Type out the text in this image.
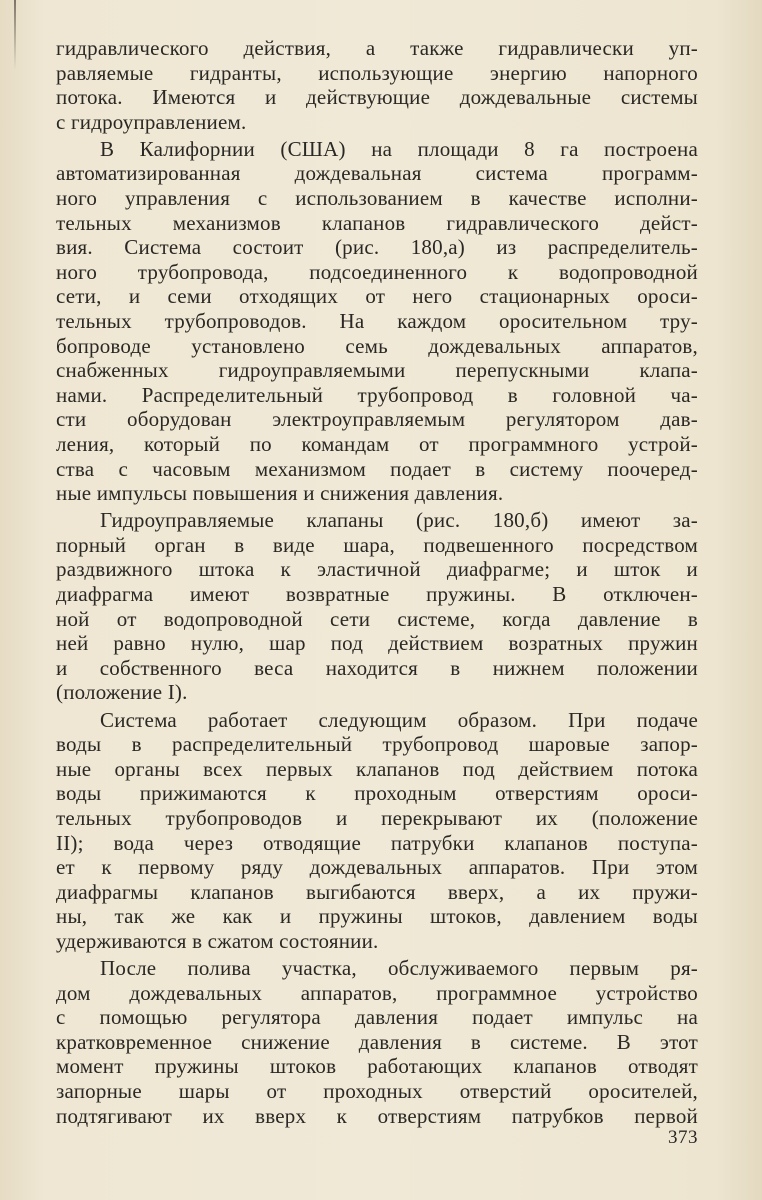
гидравлического действия, а также гидравлически уп-
равляемые гидранты, использующие энергию напорного
потока. Имеются и действующие дождевальные системы
с гидроуправлением.
В Калифорнии (США) на площади 8 га построена
автоматизированная дождевальная система программ-
ного управления с использованием в качестве исполни-
тельных механизмов клапанов гидравлического дейст-
вия. Система состоит (рис. 180,а) из распределитель-
ного трубопровода, подсоединенного к водопроводной
сети, и семи отходящих от него стационарных ороси-
тельных трубопроводов. На каждом оросительном тру-
бопроводе установлено семь дождевальных аппаратов,
снабженных гидроуправляемыми перепускными клапа-
нами. Распределительный трубопровод в головной ча-
сти оборудован электроуправляемым регулятором дав-
ления, который по командам от программного устрой-
ства с часовым механизмом подает в систему поочеред-
ные импульсы повышения и снижения давления.
Гидроуправляемые клапаны (рис. 180,б) имеют за-
порный орган в виде шара, подвешенного посредством
раздвижного штока к эластичной диафрагме; и шток и
диафрагма имеют возвратные пружины. В отключен-
ной от водопроводной сети системе, когда давление в
ней равно нулю, шар под действием возратных пружин
и собственного веса находится в нижнем положении
(положение I).
Система работает следующим образом. При подаче
воды в распределительный трубопровод шаровые запор-
ные органы всех первых клапанов под действием потока
воды прижимаются к проходным отверстиям ороси-
тельных трубопроводов и перекрывают их (положение
II); вода через отводящие патрубки клапанов поступа-
ет к первому ряду дождевальных аппаратов. При этом
диафрагмы клапанов выгибаются вверх, а их пружи-
ны, так же как и пружины штоков, давлением воды
удерживаются в сжатом состоянии.
После полива участка, обслуживаемого первым ря-
дом дождевальных аппаратов, программное устройство
с помощью регулятора давления подает импульс на
кратковременное снижение давления в системе. В этот
момент пружины штоков работающих клапанов отводят
запорные шары от проходных отверстий оросителей,
подтягивают их вверх к отверстиям патрубков первой
373
